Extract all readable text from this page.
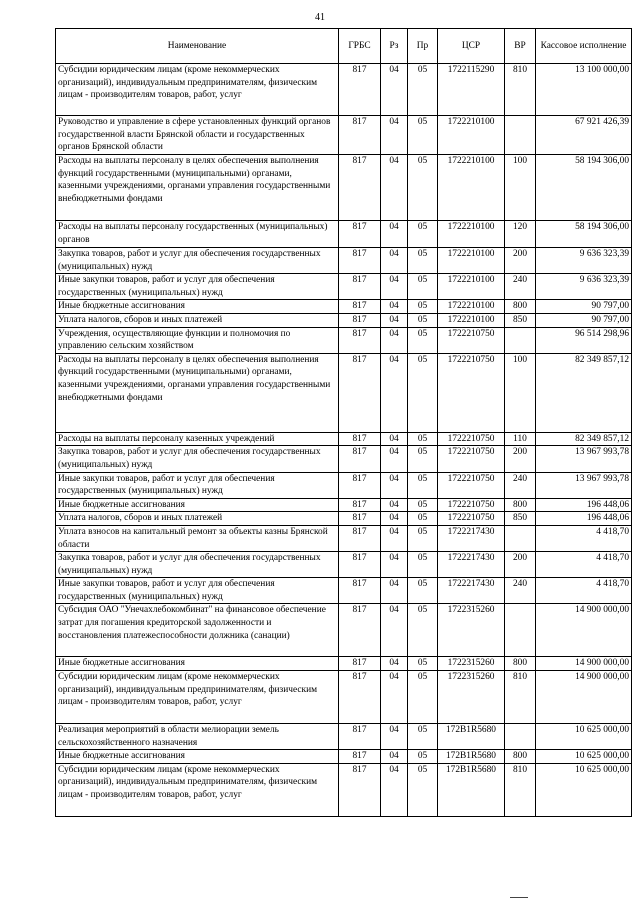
41
Наименование	ГРБС	Рз	Пр	ЦСР	ВР	Кассовое исполнение
Субсидии юридическим лицам (кроме некоммерческих организаций), индивидуальным предпринимателям, физическим лицам - производителям товаров, работ, услуг	817	04	05	1722115290	810	13 100 000,00
Руководство и управление в сфере установленных функций органов государственной власти Брянской области и государственных органов Брянской области	817	04	05	1722210100		67 921 426,39
Расходы на выплаты персоналу в целях обеспечения выполнения функций государственными (муниципальными) органами, казенными учреждениями, органами управления государственными внебюджетными фондами	817	04	05	1722210100	100	58 194 306,00
Расходы на выплаты персоналу государственных (муниципальных) органов	817	04	05	1722210100	120	58 194 306,00
Закупка товаров, работ и услуг для обеспечения государственных (муниципальных) нужд	817	04	05	1722210100	200	9 636 323,39
Иные закупки товаров, работ и услуг для обеспечения государственных (муниципальных) нужд	817	04	05	1722210100	240	9 636 323,39
Иные бюджетные ассигнования	817	04	05	1722210100	800	90 797,00
Уплата налогов, сборов и иных платежей	817	04	05	1722210100	850	90 797,00
Учреждения, осуществляющие функции и полномочия по управлению сельским хозяйством	817	04	05	1722210750		96 514 298,96
Расходы на выплаты персоналу в целях обеспечения выполнения функций государственными (муниципальными) органами, казенными учреждениями, органами управления государственными внебюджетными фондами	817	04	05	1722210750	100	82 349 857,12
Расходы на выплаты персоналу казенных учреждений	817	04	05	1722210750	110	82 349 857,12
Закупка товаров, работ и услуг для обеспечения государственных (муниципальных) нужд	817	04	05	1722210750	200	13 967 993,78
Иные закупки товаров, работ и услуг для обеспечения государственных (муниципальных) нужд	817	04	05	1722210750	240	13 967 993,78
Иные бюджетные ассигнования	817	04	05	1722210750	800	196 448,06
Уплата налогов, сборов и иных платежей	817	04	05	1722210750	850	196 448,06
Уплата взносов на капитальный ремонт за объекты казны Брянской области	817	04	05	1722217430		4 418,70
Закупка товаров, работ и услуг для обеспечения государственных (муниципальных) нужд	817	04	05	1722217430	200	4 418,70
Иные закупки товаров, работ и услуг для обеспечения государственных (муниципальных) нужд	817	04	05	1722217430	240	4 418,70
Субсидия ОАО "Унечахлебокомбинат" на финансовое обеспечение затрат для погашения кредиторской задолженности и восстановления платежеспособности должника (санации)	817	04	05	1722315260		14 900 000,00
Иные бюджетные ассигнования	817	04	05	1722315260	800	14 900 000,00
Субсидии юридическим лицам (кроме некоммерческих организаций), индивидуальным предпринимателям, физическим лицам - производителям товаров, работ, услуг	817	04	05	1722315260	810	14 900 000,00
Реализация мероприятий в области мелиорации земель сельскохозяйственного назначения	817	04	05	172B1R5680		10 625 000,00
Иные бюджетные ассигнования	817	04	05	172B1R5680	800	10 625 000,00
Субсидии юридическим лицам (кроме некоммерческих организаций), индивидуальным предпринимателям, физическим лицам - производителям товаров, работ, услуг	817	04	05	172B1R5680	810	10 625 000,00
